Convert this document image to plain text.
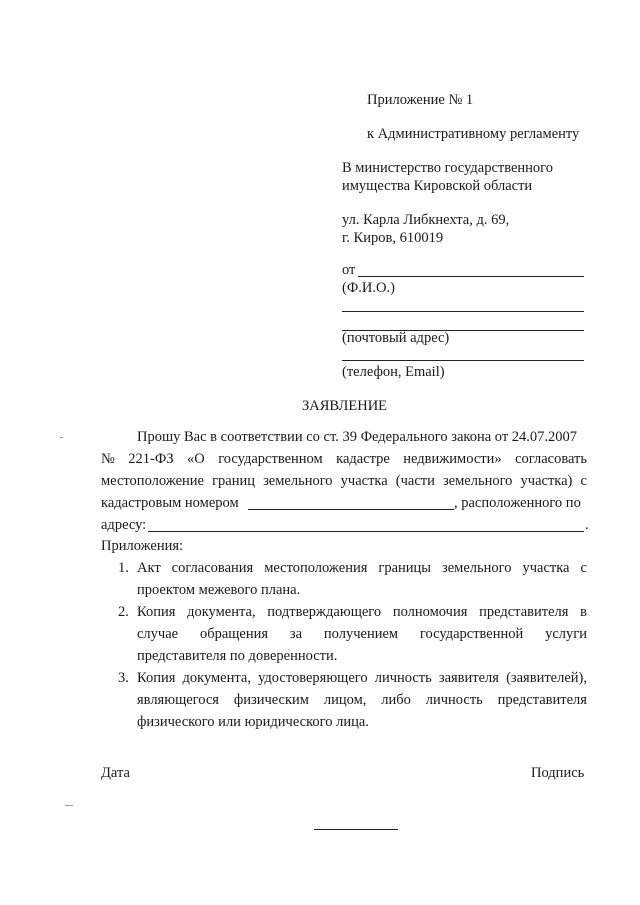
Приложение № 1
к Административному регламенту
В министерство государственного
имущества Кировской области
ул. Карла Либкнехта, д. 69,
г. Киров, 610019
от
(Ф.И.О.)
(почтовый адрес)
(телефон, Email)
ЗАЯВЛЕНИЕ
Прошу Вас в соответствии со ст. 39 Федерального закона от 24.07.2007
№ 221-ФЗ «О государственном кадастре недвижимости» согласовать
местоположение границ земельного участка (части земельного участка) с
кадастровым номером	, расположенного по
адресу:	.
Приложения:
1. Акт согласования местоположения границы земельного участка с
проектом межевого плана.
2. Копия документа, подтверждающего полномочия представителя в
случае обращения за получением государственной услуги
представителя по доверенности.
3. Копия документа, удостоверяющего личность заявителя (заявителей),
являющегося физическим лицом, либо личность представителя
физического или юридического лица.
Дата	Подпись
